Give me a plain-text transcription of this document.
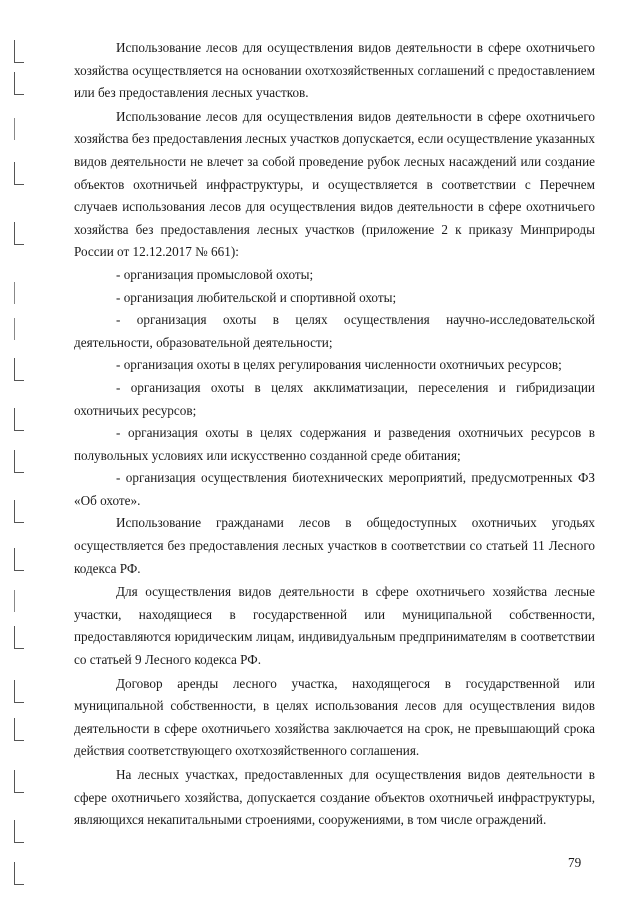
Использование лесов для осуществления видов деятельности в сфере охотничьего хозяйства осуществляется на основании охотхозяйственных соглашений с предоставлением или без предоставления лесных участков.

Использование лесов для осуществления видов деятельности в сфере охотничьего хозяйства без предоставления лесных участков допускается, если осуществление указанных видов деятельности не влечет за собой проведение рубок лесных насаждений или создание объектов охотничьей инфраструктуры, и осуществляется в соответствии с Перечнем случаев использования лесов для осуществления видов деятельности в сфере охотничьего хозяйства без предоставления лесных участков (приложение 2 к приказу Минприроды России от 12.12.2017 № 661):

- организация промысловой охоты;

- организация любительской и спортивной охоты;

- организация охоты в целях осуществления научно-исследовательской деятельности, образовательной деятельности;

- организация охоты в целях регулирования численности охотничьих ресурсов;

- организация охоты в целях акклиматизации, переселения и гибридизации охотничьих ресурсов;

- организация охоты в целях содержания и разведения охотничьих ресурсов в полувольных условиях или искусственно созданной среде обитания;

- организация осуществления биотехнических мероприятий, предусмотренных ФЗ «Об охоте».

Использование гражданами лесов в общедоступных охотничьих угодьях осуществляется без предоставления лесных участков в соответствии со статьей 11 Лесного кодекса РФ.

Для осуществления видов деятельности в сфере охотничьего хозяйства лесные участки, находящиеся в государственной или муниципальной собственности, предоставляются юридическим лицам, индивидуальным предпринимателям в соответствии со статьей 9 Лесного кодекса РФ.

Договор аренды лесного участка, находящегося в государственной или муниципальной собственности, в целях использования лесов для осуществления видов деятельности в сфере охотничьего хозяйства заключается на срок, не превышающий срока действия соответствующего охотхозяйственного соглашения.

На лесных участках, предоставленных для осуществления видов деятельности в сфере охотничьего хозяйства, допускается создание объектов охотничьей инфраструктуры, являющихся некапитальными строениями, сооружениями, в том числе ограждений.

79
